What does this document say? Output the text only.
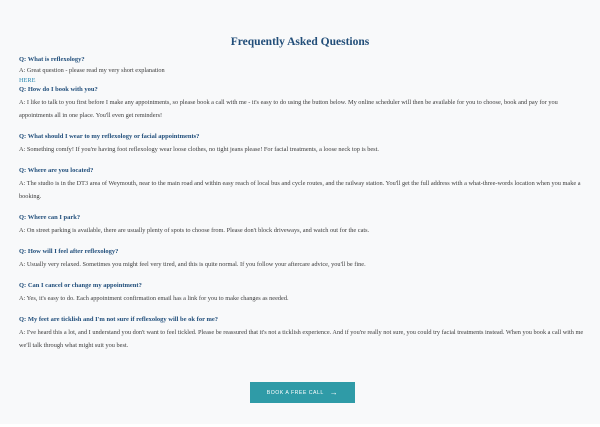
Frequently Asked Questions

Q: What is reflexology?

A: Great question - please read my very short explanation

HERE

Q: How do I book with you?

A: I like to talk to you first before I make any appointments, so please book a call with me - it's easy to do using the button below. My online scheduler will then be available for you to choose, book and pay for you appointments all in one place. You'll even get reminders!

Q: What should I wear to my reflexology or facial appointments?

A: Something comfy! If you're having foot reflexology wear loose clothes, no tight jeans please! For facial treatments, a loose neck top is best.

Q: Where are you located?

A: The studio is in the DT3 area of Weymouth, near to the main road and within easy reach of local bus and cycle routes, and the railway station. You'll get the full address with a what-three-words location when you make a booking.

Q: Where can I park?

A: On street parking is available, there are usually plenty of spots to choose from. Please don't block driveways, and watch out for the cats.

Q: How will I feel after reflexology?

A: Usually very relaxed. Sometimes you might feel very tired, and this is quite normal. If you follow your aftercare advice, you'll be fine.

Q: Can I cancel or change my appointment?

A: Yes, it's easy to do. Each appointment confirmation email has a link for you to make changes as needed.

Q: My feet are ticklish and I'm not sure if reflexology will be ok for me?

A: I've heard this a lot, and I understand you don't want to feel tickled. Please be reassured that it's not a ticklish experience. And if you're really not sure, you could try facial treatments instead. When you book a call with me we'll talk through what might suit you best.

BOOK A FREE CALL →
